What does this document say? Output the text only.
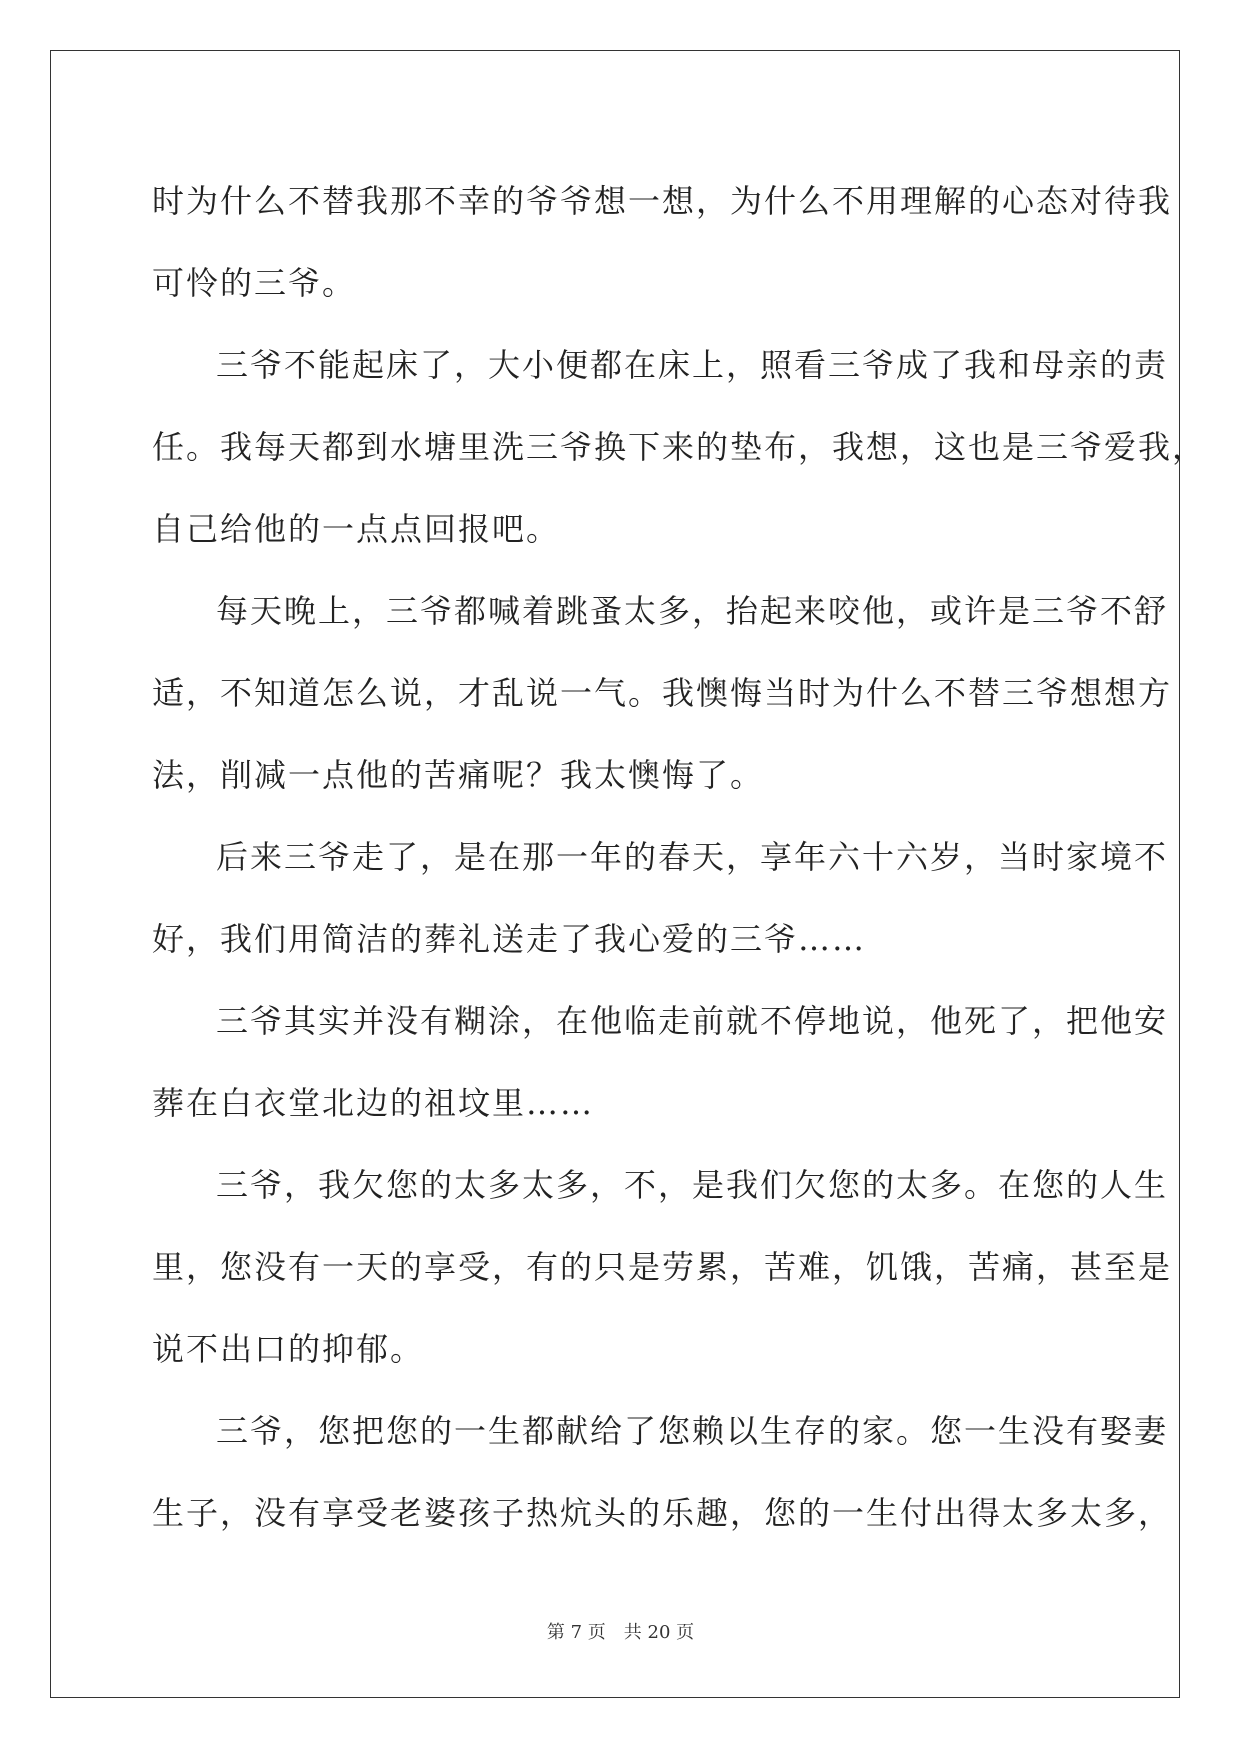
时为什么不替我那不幸的爷爷想一想，为什么不用理解的心态对待我
可怜的三爷。
三爷不能起床了，大小便都在床上，照看三爷成了我和母亲的责
任。我每天都到水塘里洗三爷换下来的垫布，我想，这也是三爷爱我，
自己给他的一点点回报吧。
每天晚上，三爷都喊着跳蚤太多，抬起来咬他，或许是三爷不舒
适，不知道怎么说，才乱说一气。我懊悔当时为什么不替三爷想想方
法，削减一点他的苦痛呢？我太懊悔了。
后来三爷走了，是在那一年的春天，享年六十六岁，当时家境不
好，我们用简洁的葬礼送走了我心爱的三爷……
三爷其实并没有糊涂，在他临走前就不停地说，他死了，把他安
葬在白衣堂北边的祖坟里……
三爷，我欠您的太多太多，不，是我们欠您的太多。在您的人生
里，您没有一天的享受，有的只是劳累，苦难，饥饿，苦痛，甚至是
说不出口的抑郁。
三爷，您把您的一生都献给了您赖以生存的家。您一生没有娶妻
生子，没有享受老婆孩子热炕头的乐趣，您的一生付出得太多太多，
第 7 页　共 20 页
